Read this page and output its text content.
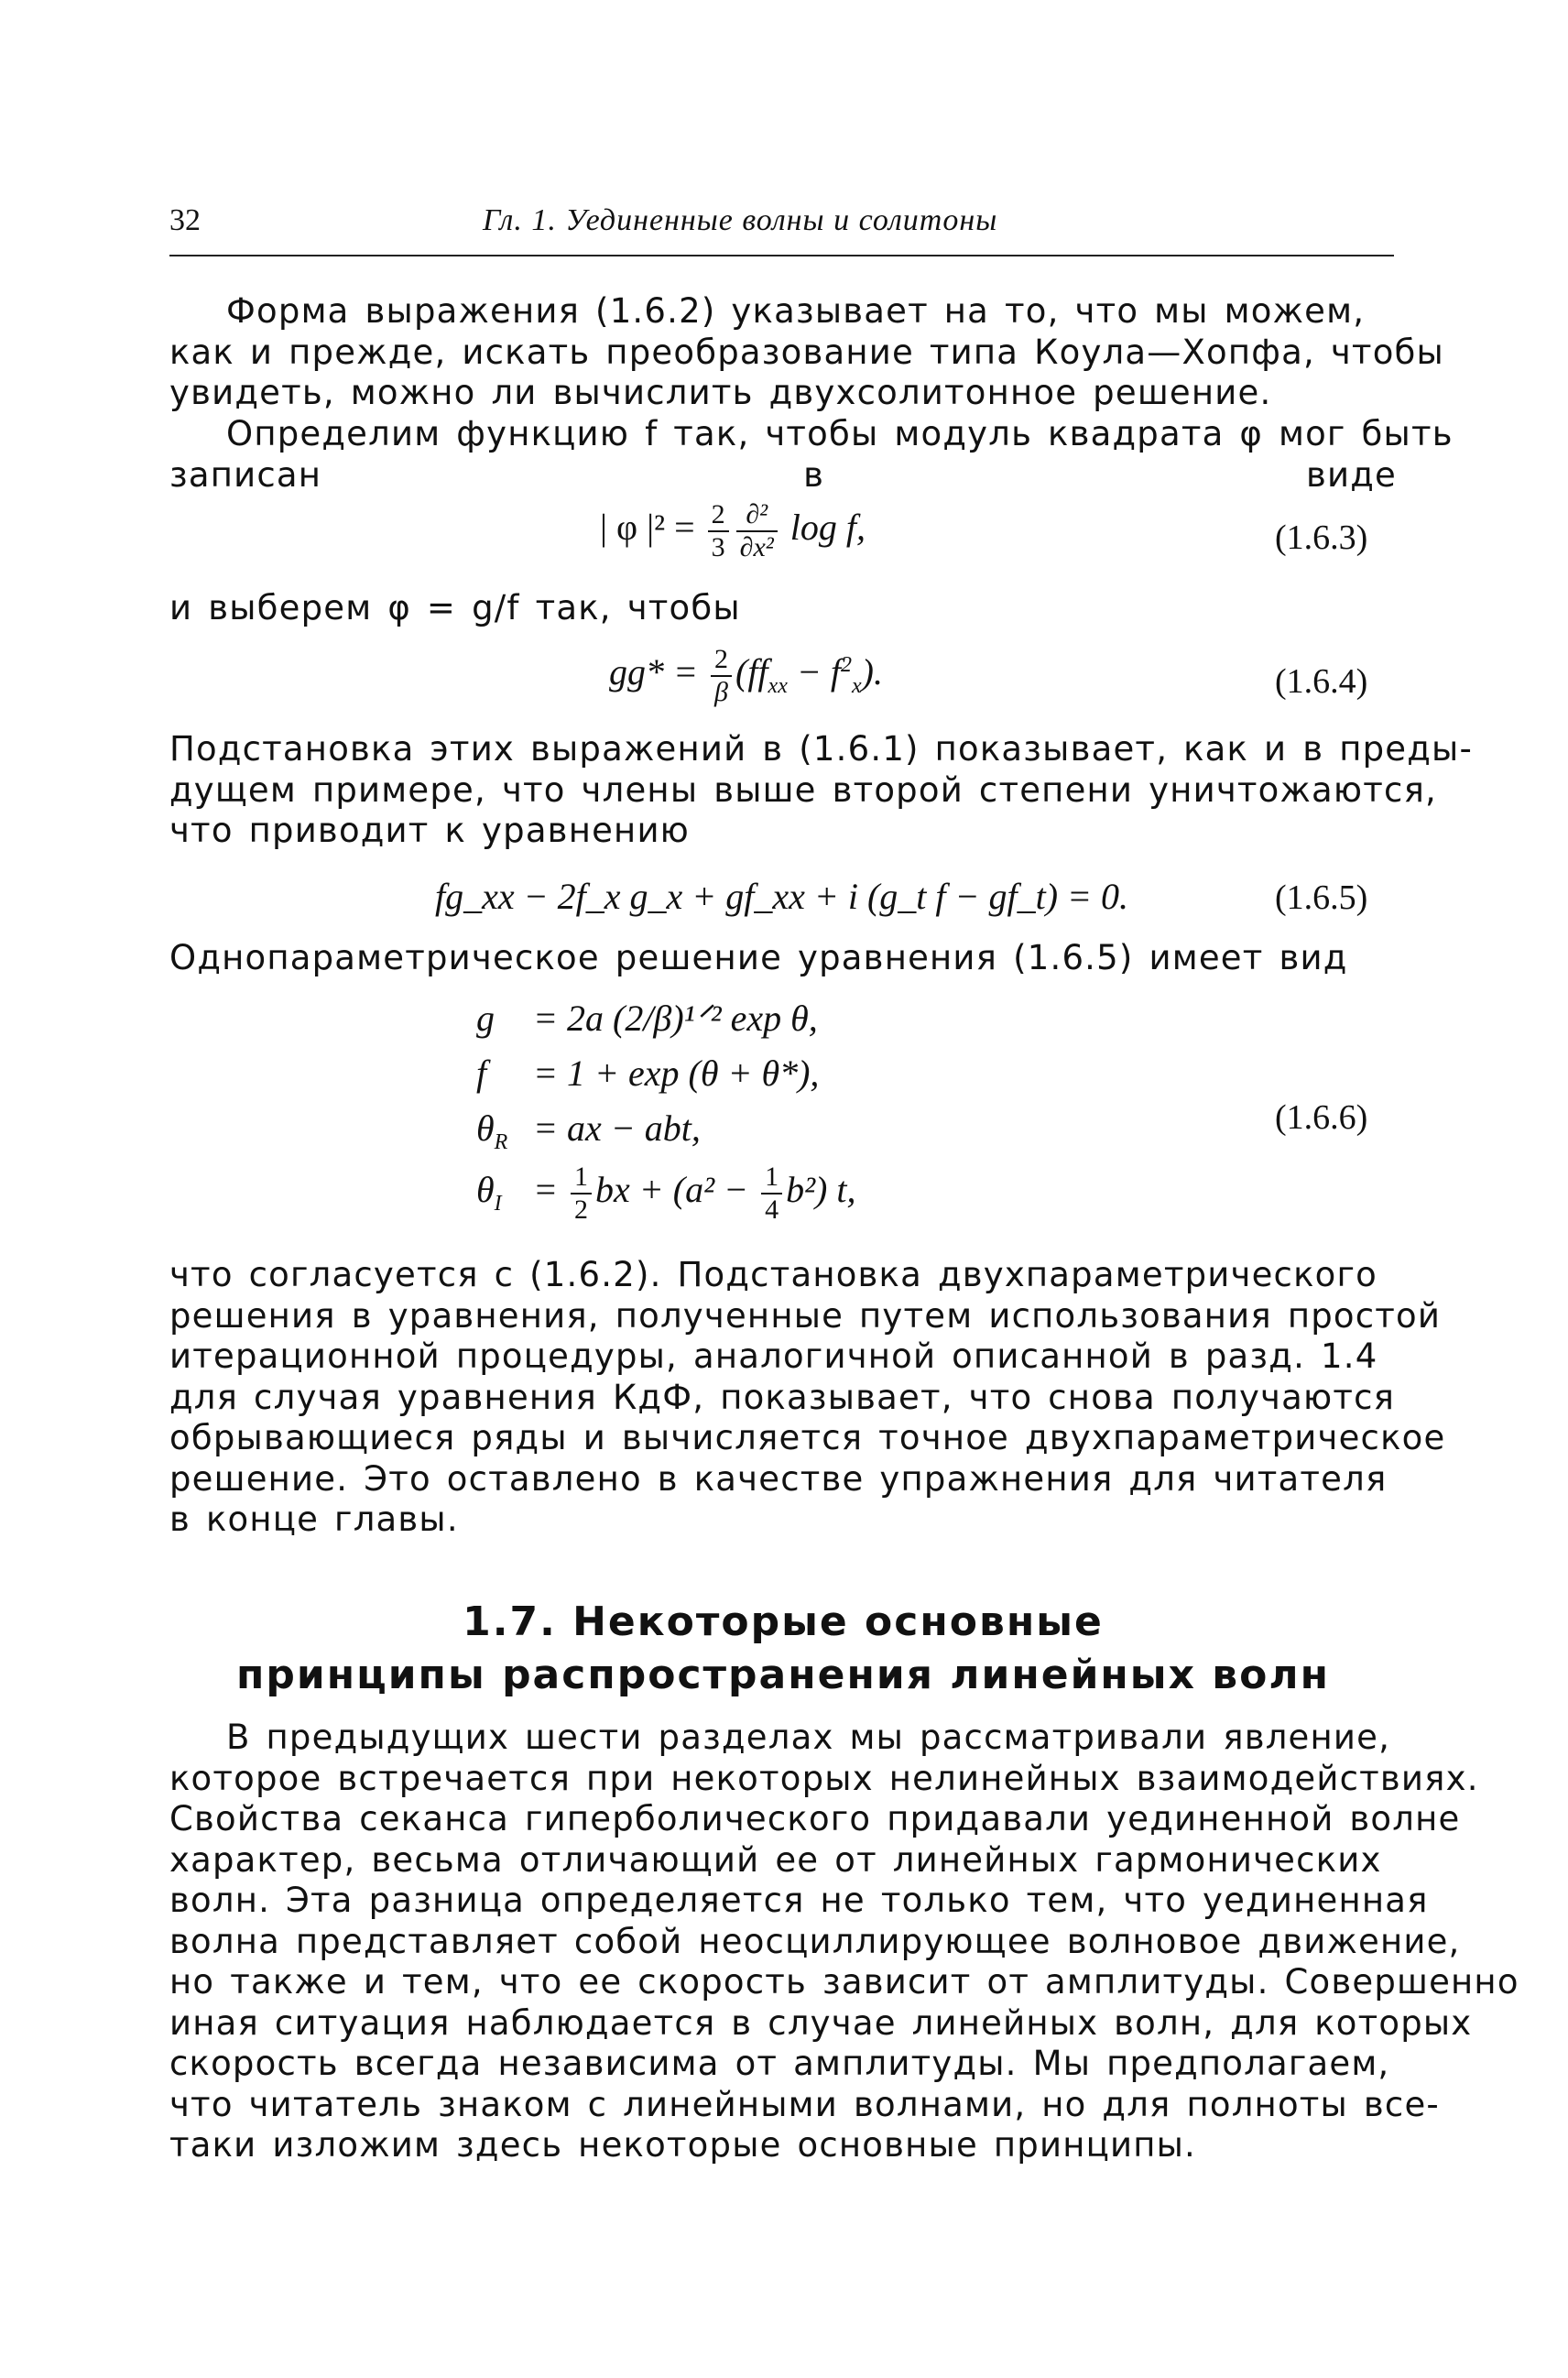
32	Гл. 1. Уединенные волны и солитоны
Форма выражения (1.6.2) указывает на то, что мы можем,
как и прежде, искать преобразование типа Коула—Хопфа, чтобы
увидеть, можно ли вычислить двухсолитонное решение.
Определим функцию f так, чтобы модуль квадрата φ мог быть
записан в виде
| φ $|^2 = \frac{2}{3} \frac{\text{∂²}}{\text{∂x²}}$ log f,	(1.6.3)
и выберем φ = g/f так, чтобы
$gg* = \frac{2}{\beta} (ff_{xx} - f^2_x)$.	(1.6.4)
Подстановка этих выражений в (1.6.1) показывает, как и в преды-
дущем примере, что члены выше второй степени уничтожаются,
что приводит к уравнению
fg_xx − 2f_x g_x + gf_xx + i (g_t f − gf_t) = 0.	(1.6.5)
Однопараметрическое решение уравнения (1.6.5) имеет вид
g = 2a (2/β)¹ᐟ² exp θ,
f = 1 + exp (θ + θ*),
$\theta_R$ = ax − abt,
$\theta_I = \frac{1}{2}$ bx + $(a^2 - \frac{1}{4} b^2)$ t,
(1.6.6)
что согласуется с (1.6.2). Подстановка двухпараметрического
решения в уравнения, полученные путем использования простой
итерационной процедуры, аналогичной описанной в разд. 1.4
для случая уравнения КдФ, показывает, что снова получаются
обрывающиеся ряды и вычисляется точное двухпараметрическое
решение. Это оставлено в качестве упражнения для читателя
в конце главы.
1.7. Некоторые основные
принципы распространения линейных волн
В предыдущих шести разделах мы рассматривали явление,
которое встречается при некоторых нелинейных взаимодействиях.
Свойства секанса гиперболического придавали уединенной волне
характер, весьма отличающий ее от линейных гармонических
волн. Эта разница определяется не только тем, что уединенная
волна представляет собой неосциллирующее волновое движение,
но также и тем, что ее скорость зависит от амплитуды. Совершенно
иная ситуация наблюдается в случае линейных волн, для которых
скорость всегда независима от амплитуды. Мы предполагаем,
что читатель знаком с линейными волнами, но для полноты все-
таки изложим здесь некоторые основные принципы.
